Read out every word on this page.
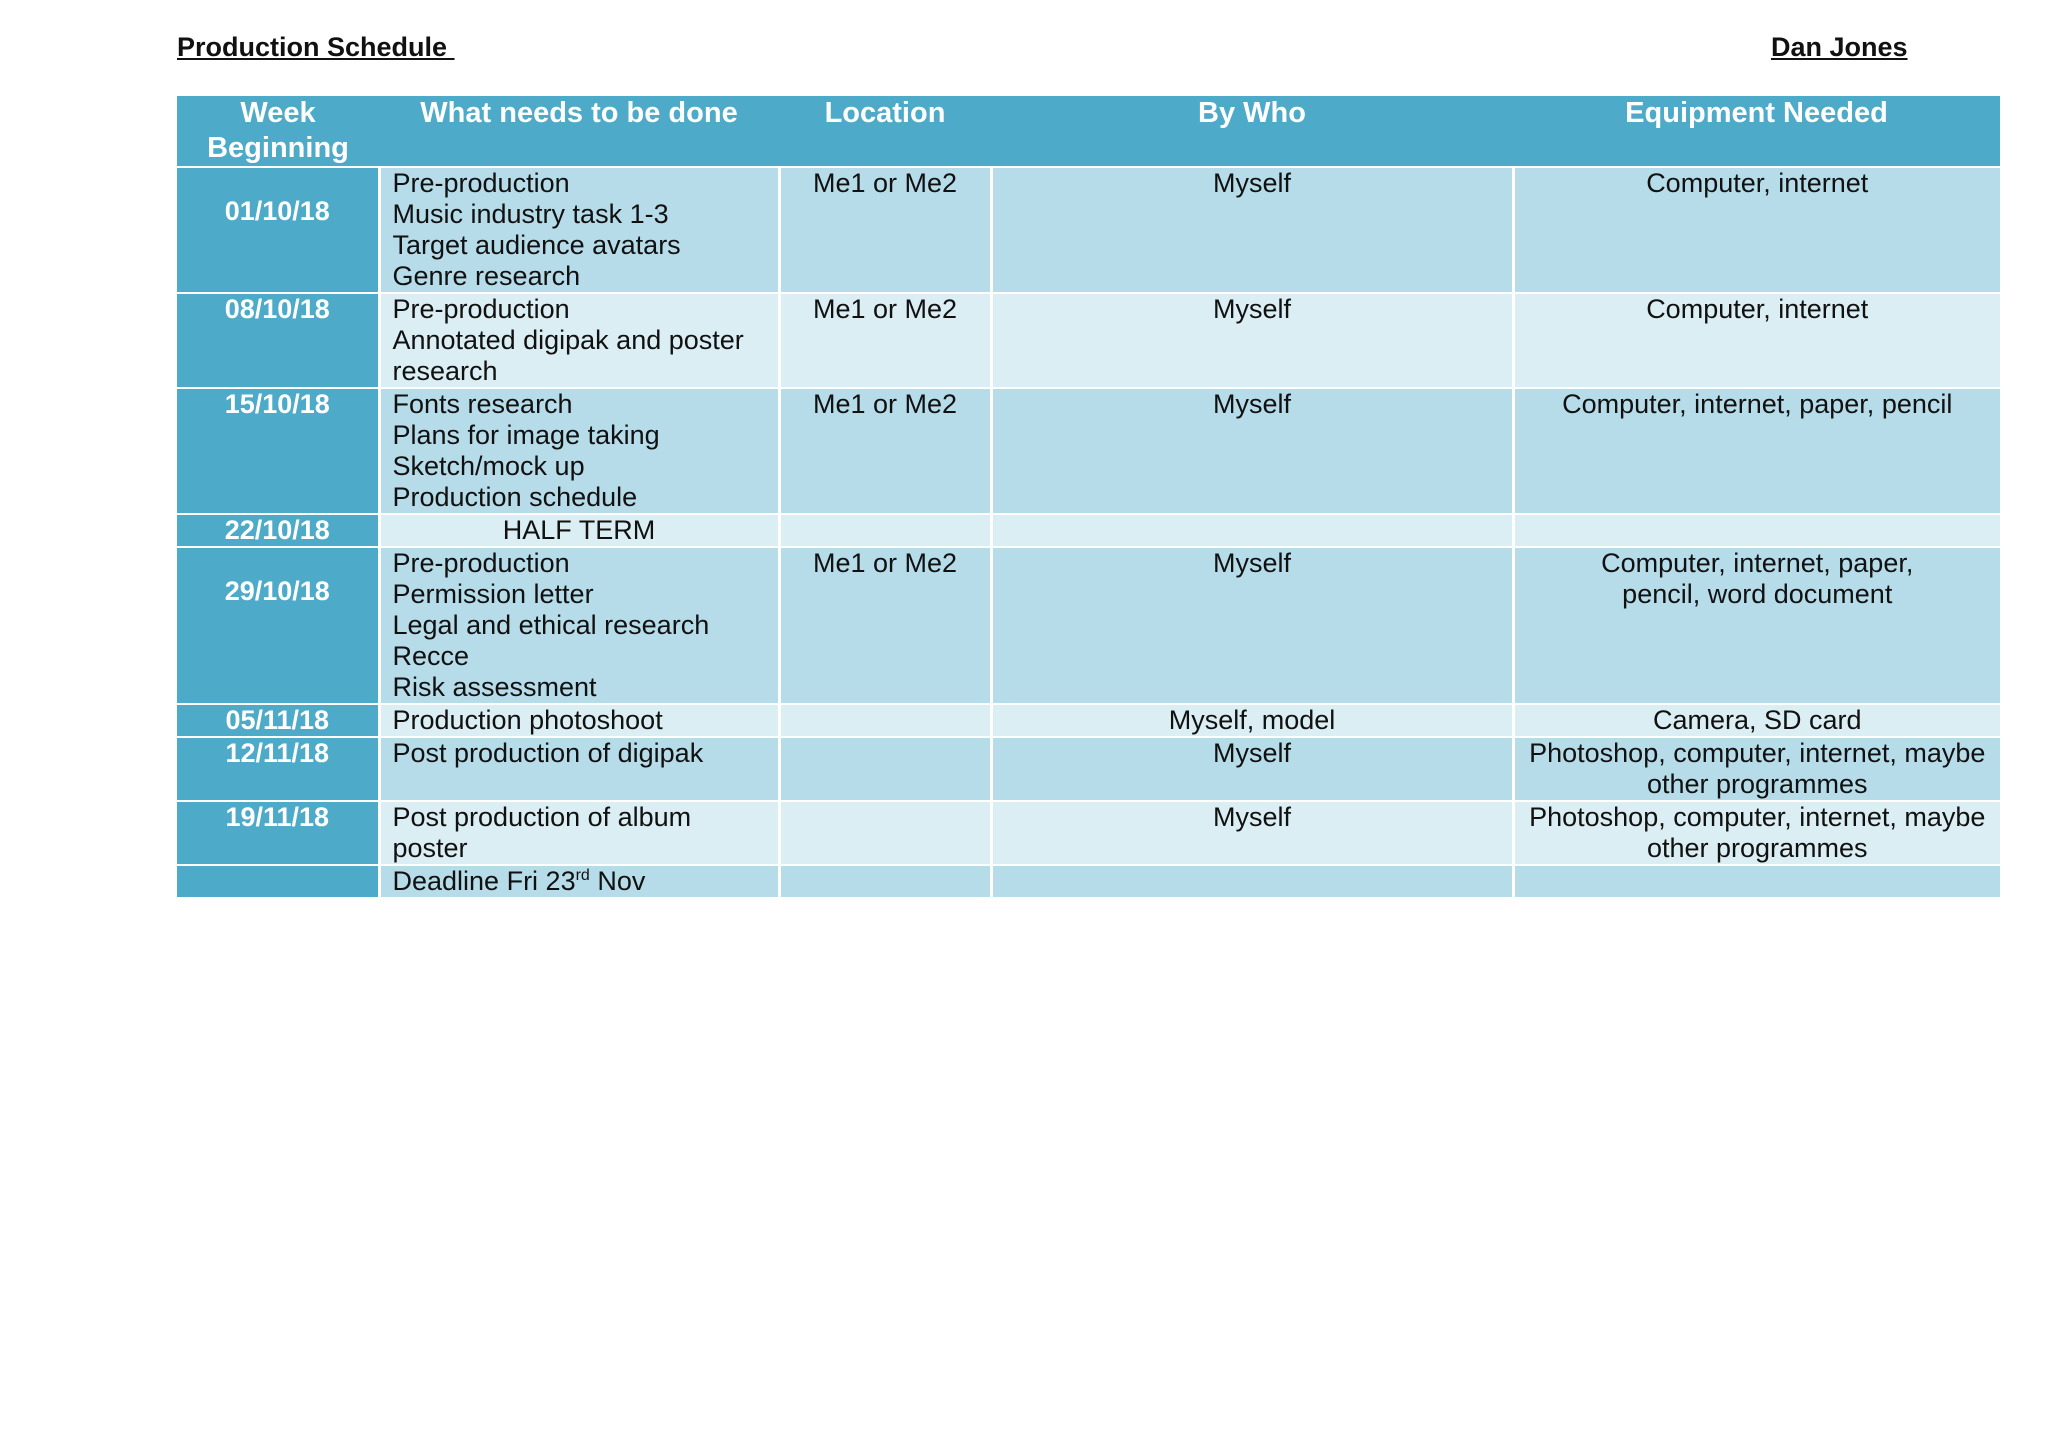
Production Schedule	Dan Jones
Week Beginning	What needs to be done	Location	By Who	Equipment Needed
01/10/18	Pre-production
Music industry task 1-3
Target audience avatars
Genre research	Me1 or Me2	Myself	Computer, internet
08/10/18	Pre-production
Annotated digipak and poster
research	Me1 or Me2	Myself	Computer, internet
15/10/18	Fonts research
Plans for image taking
Sketch/mock up
Production schedule	Me1 or Me2	Myself	Computer, internet, paper, pencil
22/10/18	HALF TERM			

29/10/18	Pre-production
Permission letter
Legal and ethical research
Recce
Risk assessment	Me1 or Me2	Myself	Computer, internet, paper, pencil, word document
05/11/18	Production photoshoot		Myself, model	Camera, SD card
12/11/18	Post production of digipak		Myself	Photoshop, computer, internet, maybe other programmes
19/11/18	Post production of album
poster		Myself	Photoshop, computer, internet, maybe other programmes
	Deadline Fri 23rd Nov			
